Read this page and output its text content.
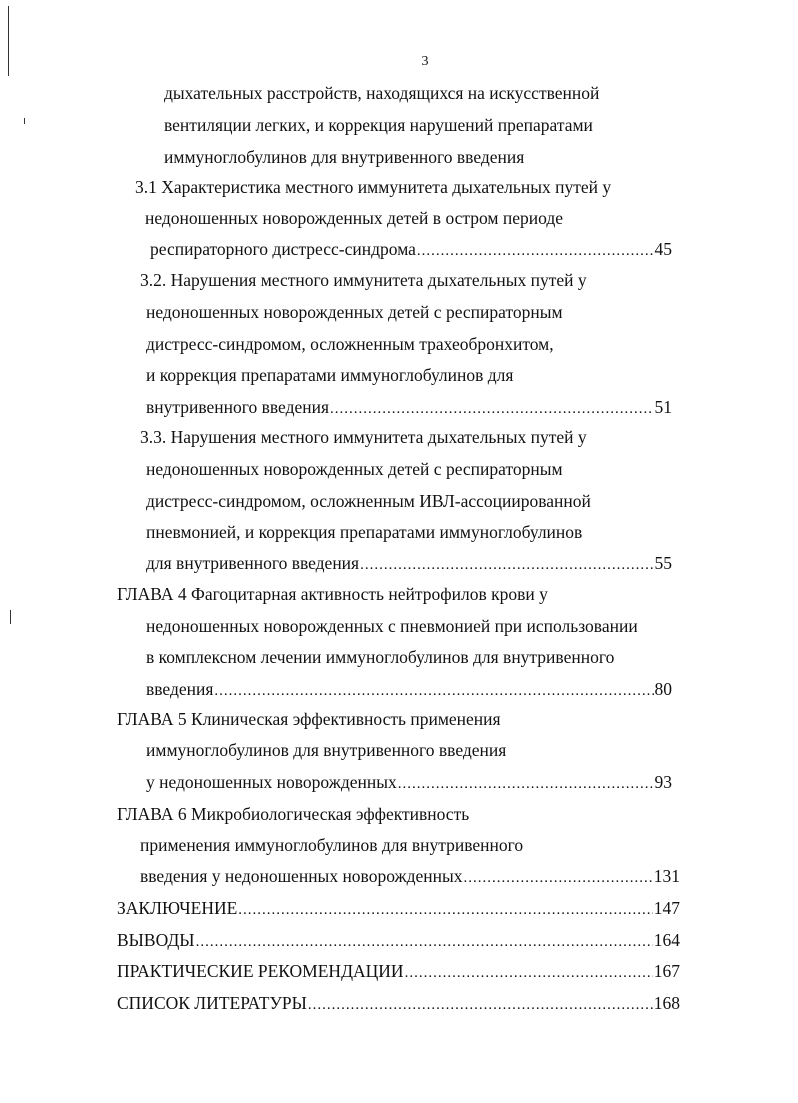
3
дыхательных расстройств, находящихся на искусственной
вентиляции легких, и коррекция нарушений препаратами
иммуноглобулинов для внутривенного введения
3.1 Характеристика местного иммунитета дыхательных путей у
недоношенных новорожденных детей в остром периоде
респираторного дистресс-синдрома .....	45
3.2. Нарушения местного иммунитета дыхательных путей у
недоношенных новорожденных детей с респираторным
дистресс-синдромом, осложненным трахеобронхитом,
и коррекция препаратами иммуноглобулинов для
внутривенного введения .....	51
3.3. Нарушения местного иммунитета дыхательных путей у
недоношенных новорожденных детей с респираторным
дистресс-синдромом, осложненным ИВЛ-ассоциированной
пневмонией, и коррекция препаратами иммуноглобулинов
для внутривенного введения .....	55
ГЛАВА 4 Фагоцитарная активность нейтрофилов крови у
недоношенных новорожденных с пневмонией при использовании
в комплексном лечении иммуноглобулинов для внутривенного
введения .....	80
ГЛАВА 5 Клиническая эффективность применения
иммуноглобулинов для внутривенного введения
у недоношенных новорожденных .....	93
ГЛАВА 6 Микробиологическая эффективность
применения иммуноглобулинов для внутривенного
введения у недоношенных новорожденных .....	131
ЗАКЛЮЧЕНИЕ .....	147
ВЫВОДЫ .....	164
ПРАКТИЧЕСКИЕ РЕКОМЕНДАЦИИ .....	167
СПИСОК ЛИТЕРАТУРЫ .....	168
